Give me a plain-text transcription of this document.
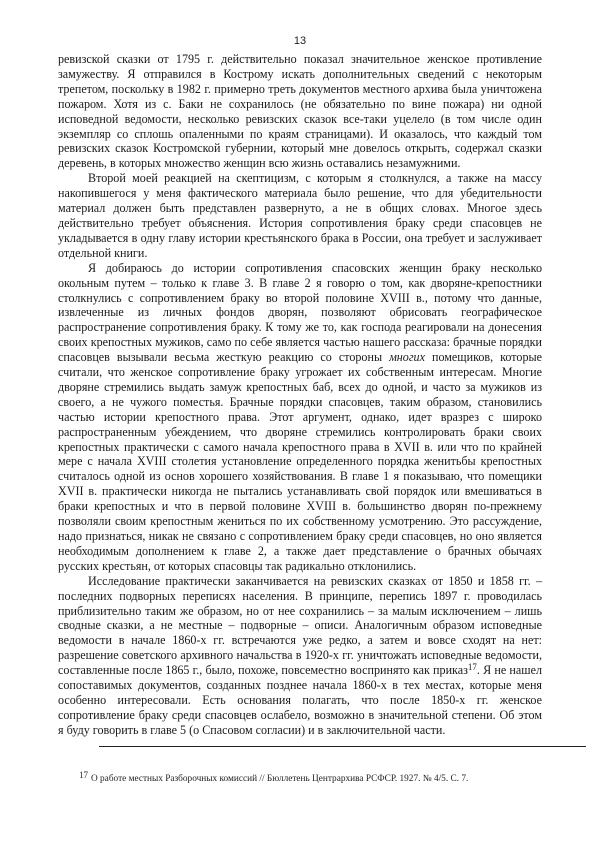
13

ревизской сказки от 1795 г. действительно показал значительное женское противление замужеству. Я отправился в Кострому искать дополнительных сведений с некоторым трепетом, поскольку в 1982 г. примерно треть документов местного архива была уничтожена пожаром. Хотя из с. Баки не сохранилось (не обязательно по вине пожара) ни одной исповедной ведомости, несколько ревизских сказок все-таки уцелело (в том числе один экземпляр со сплошь опаленными по краям страницами). И оказалось, что каждый том ревизских сказок Костромской губернии, который мне довелось открыть, содержал сказки деревень, в которых множество женщин всю жизнь оставались незамужними.

Второй моей реакцией на скептицизм, с которым я столкнулся, а также на массу накопившегося у меня фактического материала было решение, что для убедительности материал должен быть представлен развернуто, а не в общих словах. Многое здесь действительно требует объяснения. История сопротивления браку среди спасовцев не укладывается в одну главу истории крестьянского брака в России, она требует и заслуживает отдельной книги.

Я добираюсь до истории сопротивления спасовских женщин браку несколько окольным путем – только к главе 3. В главе 2 я говорю о том, как дворяне-крепостники столкнулись с сопротивлением браку во второй половине XVIII в., потому что данные, извлеченные из личных фондов дворян, позволяют обрисовать географическое распространение сопротивления браку. К тому же то, как господа реагировали на донесения своих крепостных мужиков, само по себе является частью нашего рассказа: брачные порядки спасовцев вызывали весьма жесткую реакцию со стороны многих помещиков, которые считали, что женское сопротивление браку угрожает их собственным интересам. Многие дворяне стремились выдать замуж крепостных баб, всех до одной, и часто за мужиков из своего, а не чужого поместья. Брачные порядки спасовцев, таким образом, становились частью истории крепостного права. Этот аргумент, однако, идет вразрез с широко распространенным убеждением, что дворяне стремились контролировать браки своих крепостных практически с самого начала крепостного права в XVII в. или что по крайней мере с начала XVIII столетия установление определенного порядка женитьбы крепостных считалось одной из основ хорошего хозяйствования. В главе 1 я показываю, что помещики XVII в. практически никогда не пытались устанавливать свой порядок или вмешиваться в браки крепостных и что в первой половине XVIII в. большинство дворян по-прежнему позволяли своим крепостным жениться по их собственному усмотрению. Это рассуждение, надо признаться, никак не связано с сопротивлением браку среди спасовцев, но оно является необходимым дополнением к главе 2, а также дает представление о брачных обычаях русских крестьян, от которых спасовцы так радикально отклонились.

Исследование практически заканчивается на ревизских сказках от 1850 и 1858 гг. – последних подворных переписях населения. В принципе, перепись 1897 г. проводилась приблизительно таким же образом, но от нее сохранились – за малым исключением – лишь сводные сказки, а не местные – подворные – описи. Аналогичным образом исповедные ведомости в начале 1860-х гг. встречаются уже редко, а затем и вовсе сходят на нет: разрешение советского архивного начальства в 1920-х гг. уничтожать исповедные ведомости, составленные после 1865 г., было, похоже, повсеместно воспринято как приказ$^{17}$. Я не нашел сопоставимых документов, созданных позднее начала 1860-х в тех местах, которые меня особенно интересовали. Есть основания полагать, что после 1850-х гг. женское сопротивление браку среди спасовцев ослабело, возможно в значительной степени. Об этом я буду говорить в главе 5 (о Спасовом согласии) и в заключительной части.

17 О работе местных Разборочных комиссий // Бюллетень Центрархива РСФСР. 1927. № 4/5. С. 7.
